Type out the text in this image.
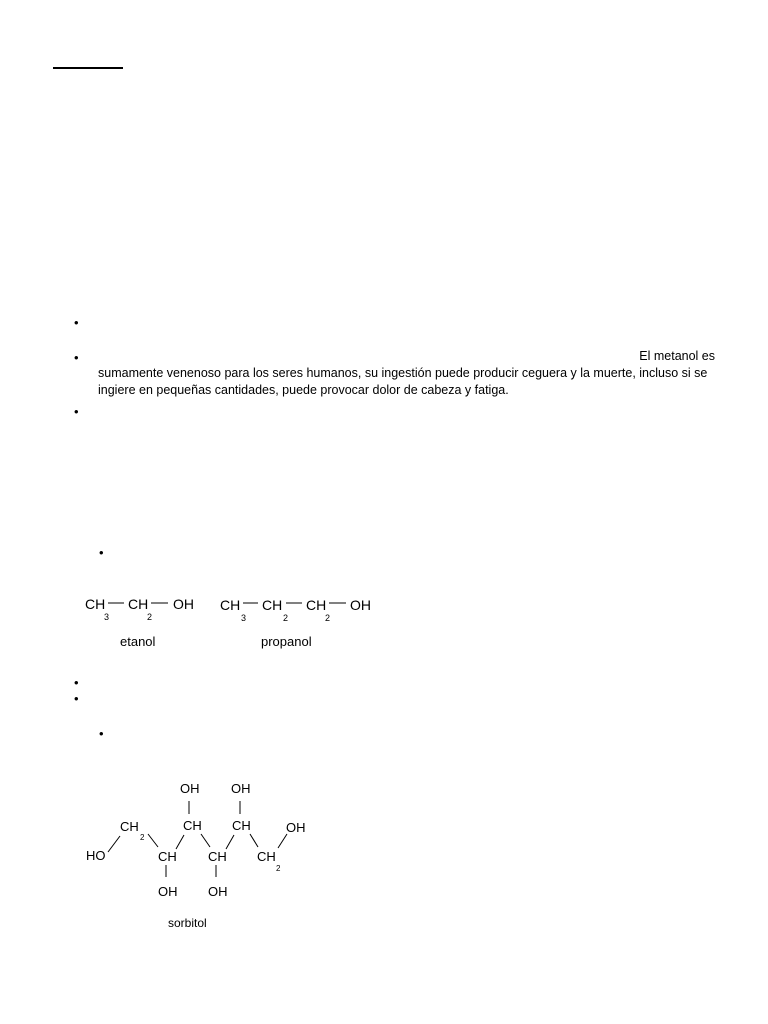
•
•
•
•
•
•
•
El metanol es
sumamente venenoso para los seres humanos, su ingestión puede producir ceguera y la muerte, incluso si se
ingiere en pequeñas cantidades, puede provocar dolor de cabeza y fatiga.
CH
3
CH
2
OH
etanol
CH
3
CH
2
CH
2
OH
propanol
HO
CH
2
CH
OH
OH
CH
CH
OH
OH
CH
CH
2
OH
sorbitol
